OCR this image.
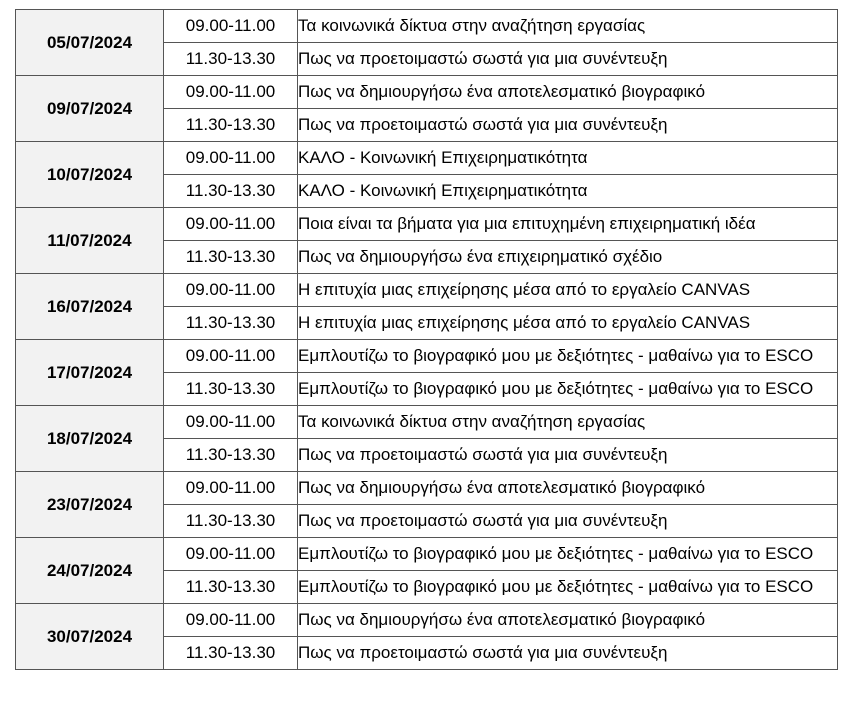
05/07/2024	09.00-11.00	Τα κοινωνικά δίκτυα στην αναζήτηση εργασίας
	11.30-13.30	Πως να προετοιμαστώ σωστά για μια συνέντευξη
09/07/2024	09.00-11.00	Πως να δημιουργήσω ένα αποτελεσματικό βιογραφικό
	11.30-13.30	Πως να προετοιμαστώ σωστά για μια συνέντευξη
10/07/2024	09.00-11.00	ΚΑΛΟ - Κοινωνική Επιχειρηματικότητα
	11.30-13.30	ΚΑΛΟ - Κοινωνική Επιχειρηματικότητα
11/07/2024	09.00-11.00	Ποια είναι τα βήματα για μια επιτυχημένη επιχειρηματική ιδέα
	11.30-13.30	Πως να δημιουργήσω ένα επιχειρηματικό σχέδιο
16/07/2024	09.00-11.00	Η επιτυχία μιας επιχείρησης μέσα από το εργαλείο CANVAS
	11.30-13.30	Η επιτυχία μιας επιχείρησης μέσα από το εργαλείο CANVAS
17/07/2024	09.00-11.00	Εμπλουτίζω το βιογραφικό μου με δεξιότητες - μαθαίνω για το ESCO
	11.30-13.30	Εμπλουτίζω το βιογραφικό μου με δεξιότητες - μαθαίνω για το ESCO
18/07/2024	09.00-11.00	Τα κοινωνικά δίκτυα στην αναζήτηση εργασίας
	11.30-13.30	Πως να προετοιμαστώ σωστά για μια συνέντευξη
23/07/2024	09.00-11.00	Πως να δημιουργήσω ένα αποτελεσματικό βιογραφικό
	11.30-13.30	Πως να προετοιμαστώ σωστά για μια συνέντευξη
24/07/2024	09.00-11.00	Εμπλουτίζω το βιογραφικό μου με δεξιότητες - μαθαίνω για το ESCO
	11.30-13.30	Εμπλουτίζω το βιογραφικό μου με δεξιότητες - μαθαίνω για το ESCO
30/07/2024	09.00-11.00	Πως να δημιουργήσω ένα αποτελεσματικό βιογραφικό
	11.30-13.30	Πως να προετοιμαστώ σωστά για μια συνέντευξη
